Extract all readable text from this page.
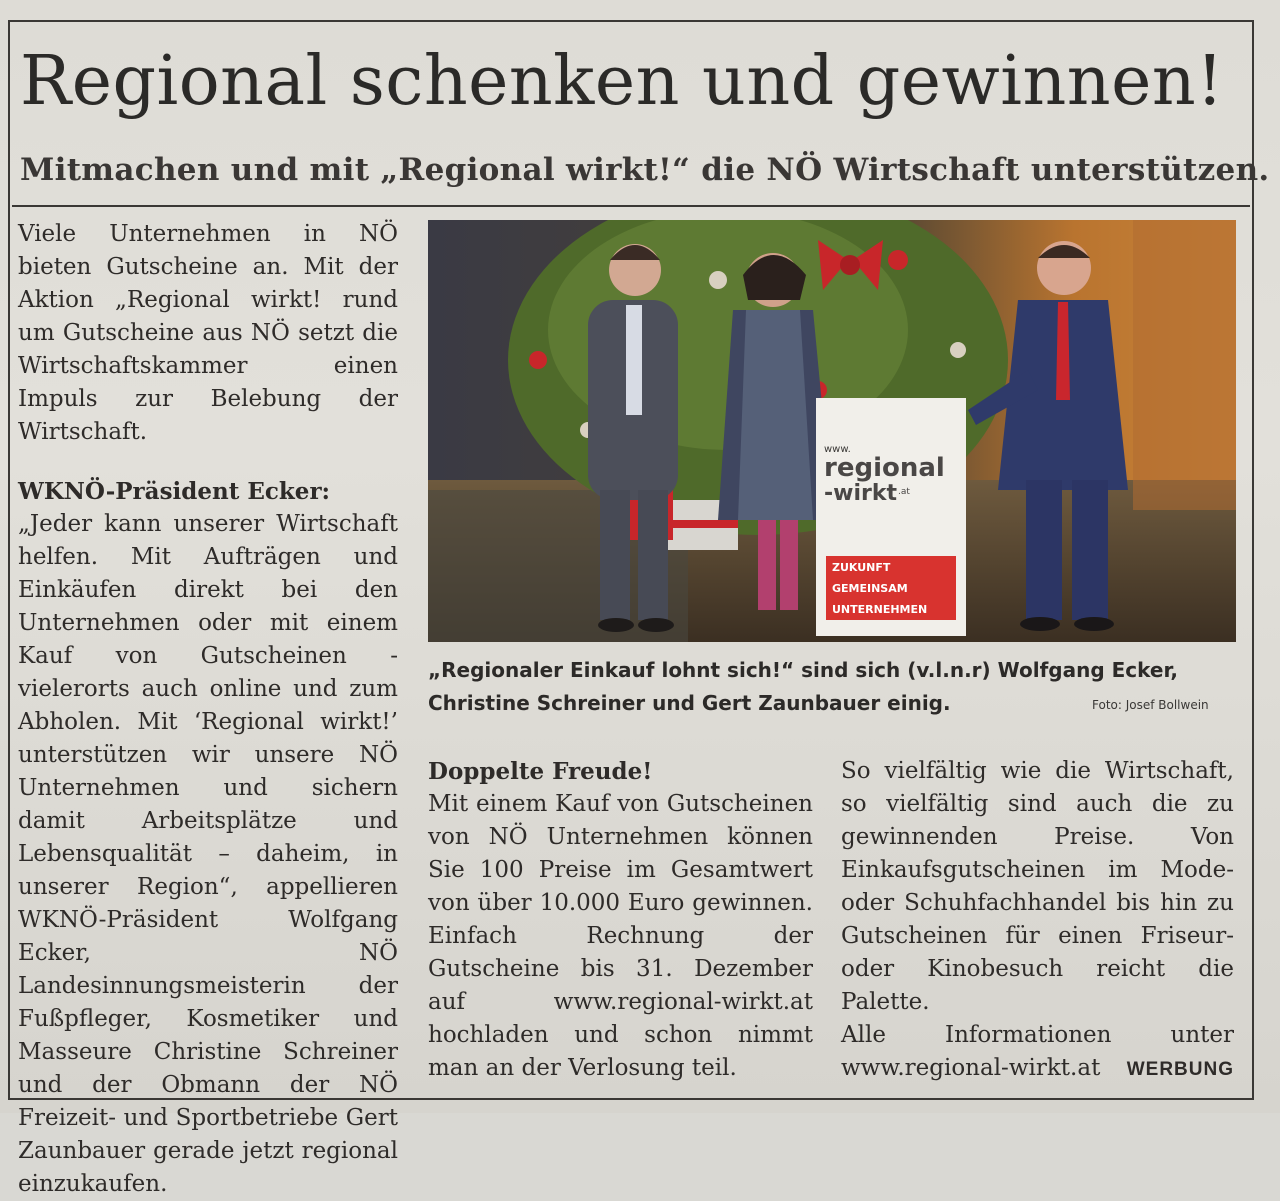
Regional schenken und gewinnen!
Mitmachen und mit „Regional wirkt!“ die NÖ Wirtschaft unterstützen.

Viele Unternehmen in NÖ bieten Gutscheine an. Mit der Aktion „Regional wirkt! rund um Gutscheine aus NÖ setzt die Wirtschaftskammer einen Impuls zur Belebung der Wirtschaft.

WKNÖ-Präsident Ecker:

„Jeder kann unserer Wirtschaft helfen. Mit Aufträgen und Einkäufen direkt bei den Unternehmen oder mit einem Kauf von Gutscheinen - vielerorts auch online und zum Abholen. Mit ‘Regional wirkt!’ unterstützen wir unsere NÖ Unternehmen und sichern damit Arbeitsplätze und Lebensqualität – daheim, in unserer Region“, appellieren WKNÖ-Präsident Wolfgang Ecker, NÖ Landesinnungsmeisterin der Fußpfleger, Kosmetiker und Masseure Christine Schreiner und der Obmann der NÖ Freizeit- und Sportbetriebe Gert Zaunbauer gerade jetzt regional einzukaufen.

www.
regional
-wirkt .at
ZUKUNFT
GEMEINSAM
UNTERNEHMEN
„Regionaler Einkauf lohnt sich!“ sind sich (v.l.n.r) Wolfgang Ecker, Christine Schreiner und Gert Zaunbauer einig.	Foto: Josef Bollwein

Doppelte Freude!

Mit einem Kauf von Gutscheinen von NÖ Unternehmen können Sie 100 Preise im Gesamtwert von über 10.000 Euro gewinnen. Einfach Rechnung der Gutscheine bis 31. Dezember auf www.regional-wirkt.at hochladen und schon nimmt man an der Verlosung teil.

So vielfältig wie die Wirtschaft, so vielfältig sind auch die zu gewinnenden Preise. Von Einkaufsgutscheinen im Mode- oder Schuhfachhandel bis hin zu Gutscheinen für einen Friseur- oder Kinobesuch reicht die Palette.

Alle Informationen unter

www.regional-wirkt.at WERBUNG
